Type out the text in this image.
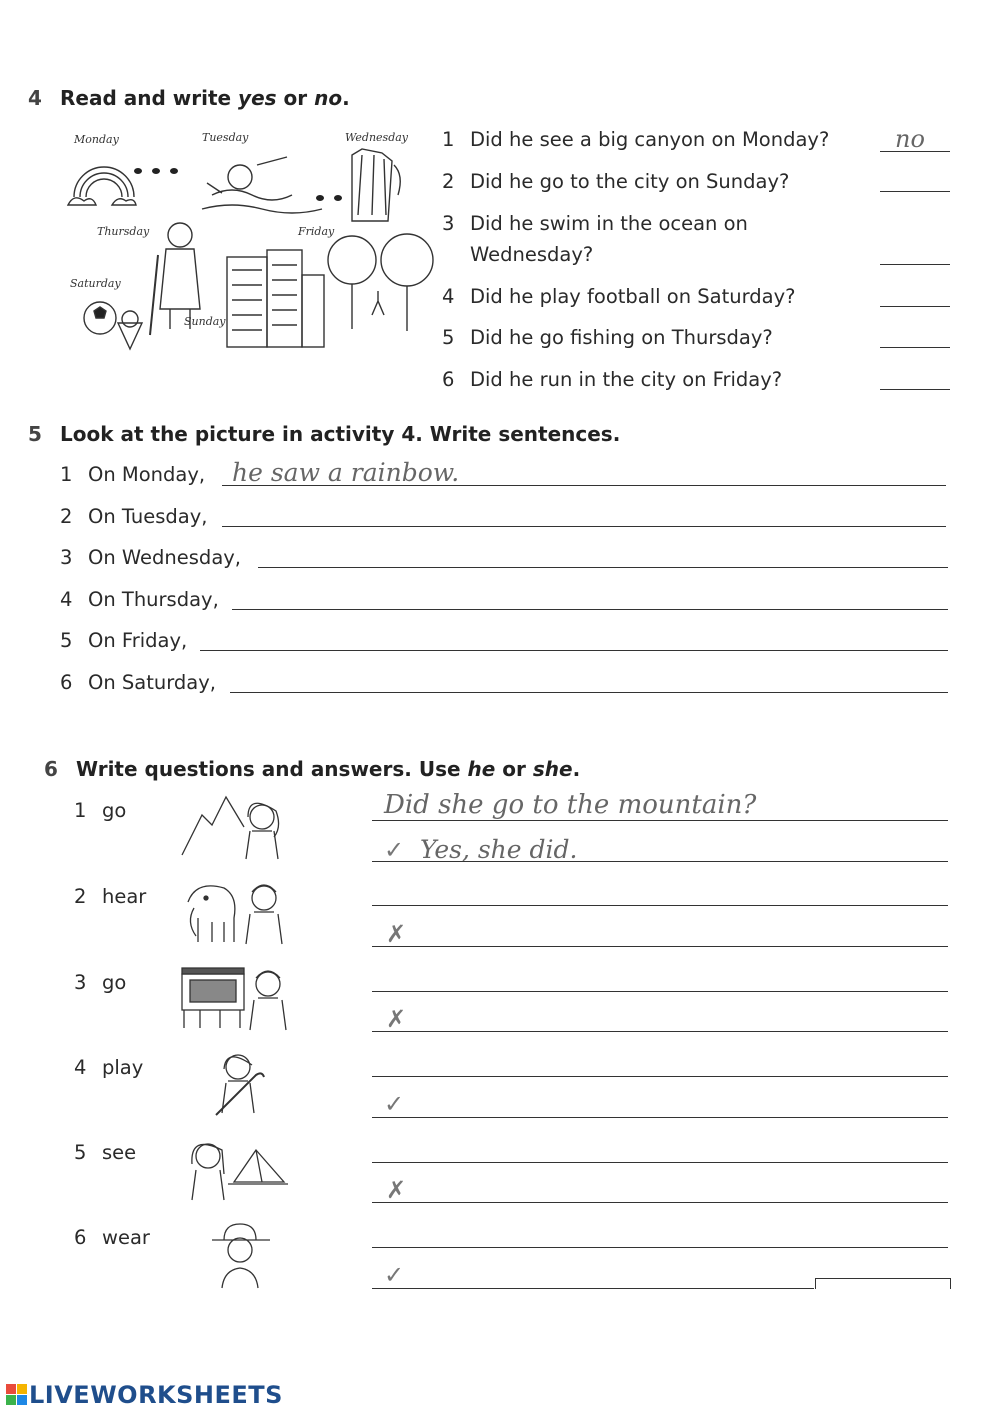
4 Read and write yes or no.
Monday	Tuesday	Wednesday
Thursday	Friday
Saturday
Sunday
1 Did he see a big canyon on Monday?	no
2 Did he go to the city on Sunday?
3 Did he swim in the ocean on
Wednesday?
4 Did he play football on Saturday?
5 Did he go fishing on Thursday?
6 Did he run in the city on Friday?
5 Look at the picture in activity 4. Write sentences.
1 On Monday, he saw a rainbow.
2 On Tuesday,
3 On Wednesday,
4 On Thursday,
5 On Friday,
6 On Saturday,
6 Write questions and answers. Use he or she.
1 go	Did she go to the mountain?
✓ Yes, she did.
2 hear
✗
3 go
✗
4 play
✓
5 see
✗
6 wear
✓
LIVEWORKSHEETS
